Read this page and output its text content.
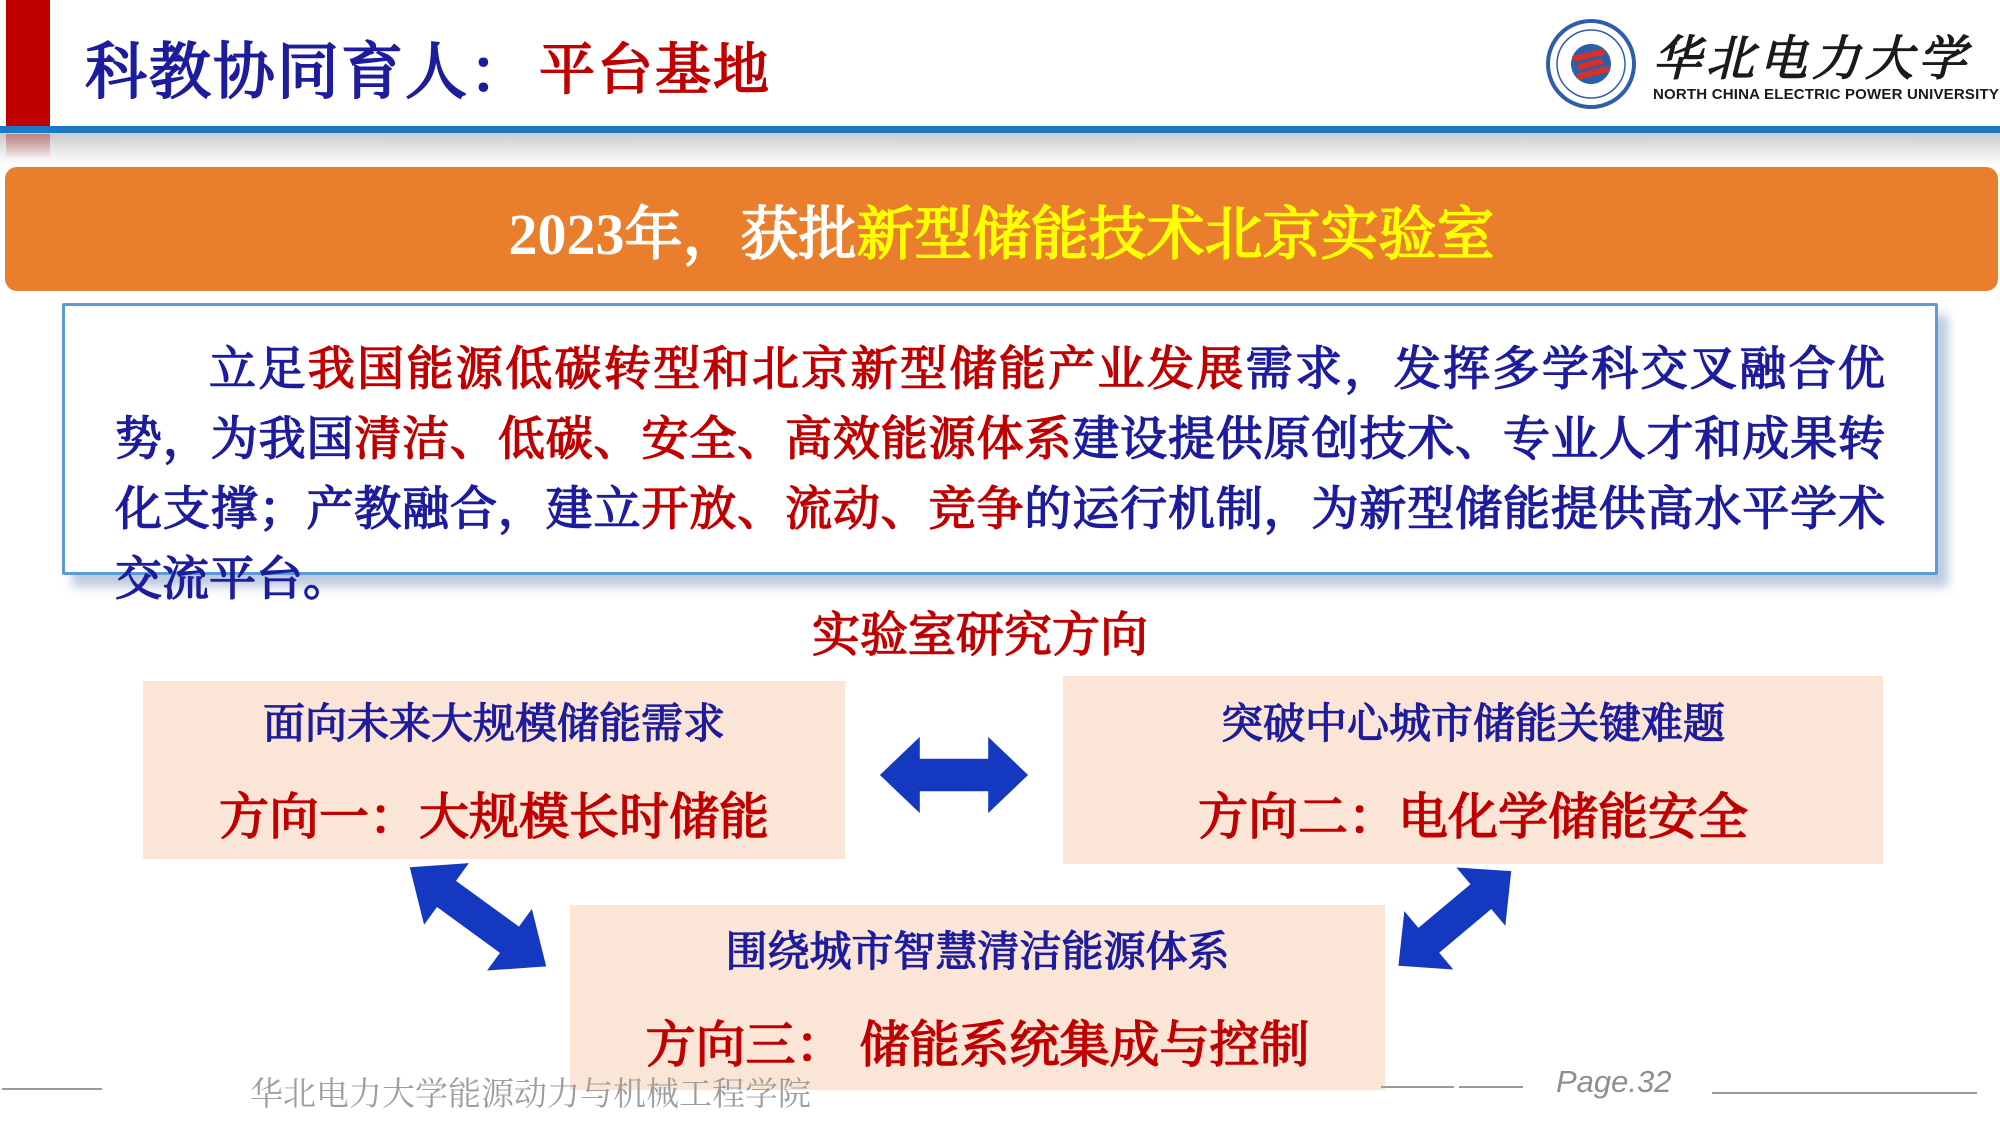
科教协同育人： 平台基地	华北电力大学
NORTH CHINA ELECTRIC POWER UNIVERSITY
2023年，获批 新型储能技术北京实验室
立足我国能源低碳转型和北京新型储能产业发展需求，发挥多学科交叉融合优势，为我国清洁、低碳、安全、高效能源体系建设提供原创技术、专业人才和成果转化支撑；产教融合，建立开放、流动、竞争的运行机制，为新型储能提供高水平学术交流平台。
实验室研究方向
面向未来大规模储能需求
方向一：大规模长时储能
突破中心城市储能关键难题
方向二：电化学储能安全
围绕城市智慧清洁能源体系
方向三： 储能系统集成与控制
华北电力大学能源动力与机械工程学院	Page.32
